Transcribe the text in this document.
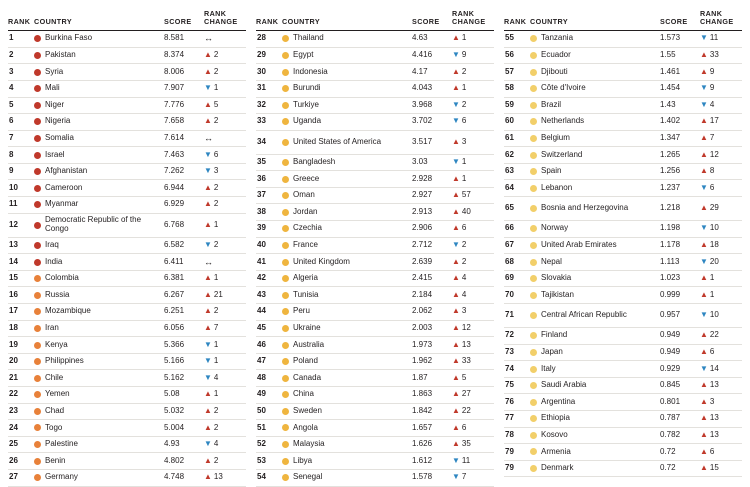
RANK	COUNTRY	SCORE	RANK
CHANGE
1	Burkina Faso	8.581	↔
2	Pakistan	8.374	▲ 2
3	Syria	8.006	▲ 2
4	Mali	7.907	▼ 1
5	Niger	7.776	▲ 5
6	Nigeria	7.658	▲ 2
7	Somalia	7.614	↔
8	Israel	7.463	▼ 6
9	Afghanistan	7.262	▼ 3
10	Cameroon	6.944	▲ 2
11	Myanmar	6.929	▲ 2
12	Democratic Republic of the Congo	6.768	▲ 1
13	Iraq	6.582	▼ 2
14	India	6.411	↔
15	Colombia	6.381	▲ 1
16	Russia	6.267	▲ 21
17	Mozambique	6.251	▲ 2
18	Iran	6.056	▲ 7
19	Kenya	5.366	▼ 1
20	Philippines	5.166	▼ 1
21	Chile	5.162	▼ 4
22	Yemen	5.08	▲ 1
23	Chad	5.032	▲ 2
24	Togo	5.004	▲ 2
25	Palestine	4.93	▼ 4
26	Benin	4.802	▲ 2
27	Germany	4.748	▲ 13
RANK	COUNTRY	SCORE	RANK
CHANGE
28	Thailand	4.63	▲ 1
29	Egypt	4.416	▼ 9
30	Indonesia	4.17	▲ 2
31	Burundi	4.043	▲ 1
32	Turkiye	3.968	▼ 2
33	Uganda	3.702	▼ 6
34	United States of America	3.517	▲ 3
35	Bangladesh	3.03	▼ 1
36	Greece	2.928	▲ 1
37	Oman	2.927	▲ 57
38	Jordan	2.913	▲ 40
39	Czechia	2.906	▲ 6
40	France	2.712	▼ 2
41	United Kingdom	2.639	▲ 2
42	Algeria	2.415	▲ 4
43	Tunisia	2.184	▲ 4
44	Peru	2.062	▲ 3
45	Ukraine	2.003	▲ 12
46	Australia	1.973	▲ 13
47	Poland	1.962	▲ 33
48	Canada	1.87	▲ 5
49	China	1.863	▲ 27
50	Sweden	1.842	▲ 22
51	Angola	1.657	▲ 6
52	Malaysia	1.626	▲ 35
53	Libya	1.612	▼ 11
54	Senegal	1.578	▼ 7
RANK	COUNTRY	SCORE	RANK
CHANGE
55	Tanzania	1.573	▼ 11
56	Ecuador	1.55	▲ 33
57	Djibouti	1.461	▲ 9
58	Côte d'Ivoire	1.454	▼ 9
59	Brazil	1.43	▼ 4
60	Netherlands	1.402	▲ 17
61	Belgium	1.347	▲ 7
62	Switzerland	1.265	▲ 12
63	Spain	1.256	▲ 8
64	Lebanon	1.237	▼ 6
65	Bosnia and Herzegovina	1.218	▲ 29
66	Norway	1.198	▼ 10
67	United Arab Emirates	1.178	▲ 18
68	Nepal	1.113	▼ 20
69	Slovakia	1.023	▲ 1
70	Tajikistan	0.999	▲ 1
71	Central African Republic	0.957	▼ 10
72	Finland	0.949	▲ 22
73	Japan	0.949	▲ 6
74	Italy	0.929	▼ 14
75	Saudi Arabia	0.845	▲ 13
76	Argentina	0.801	▲ 3
77	Ethiopia	0.787	▲ 13
78	Kosovo	0.782	▲ 13
79	Armenia	0.72	▲ 6
79	Denmark	0.72	▲ 15
